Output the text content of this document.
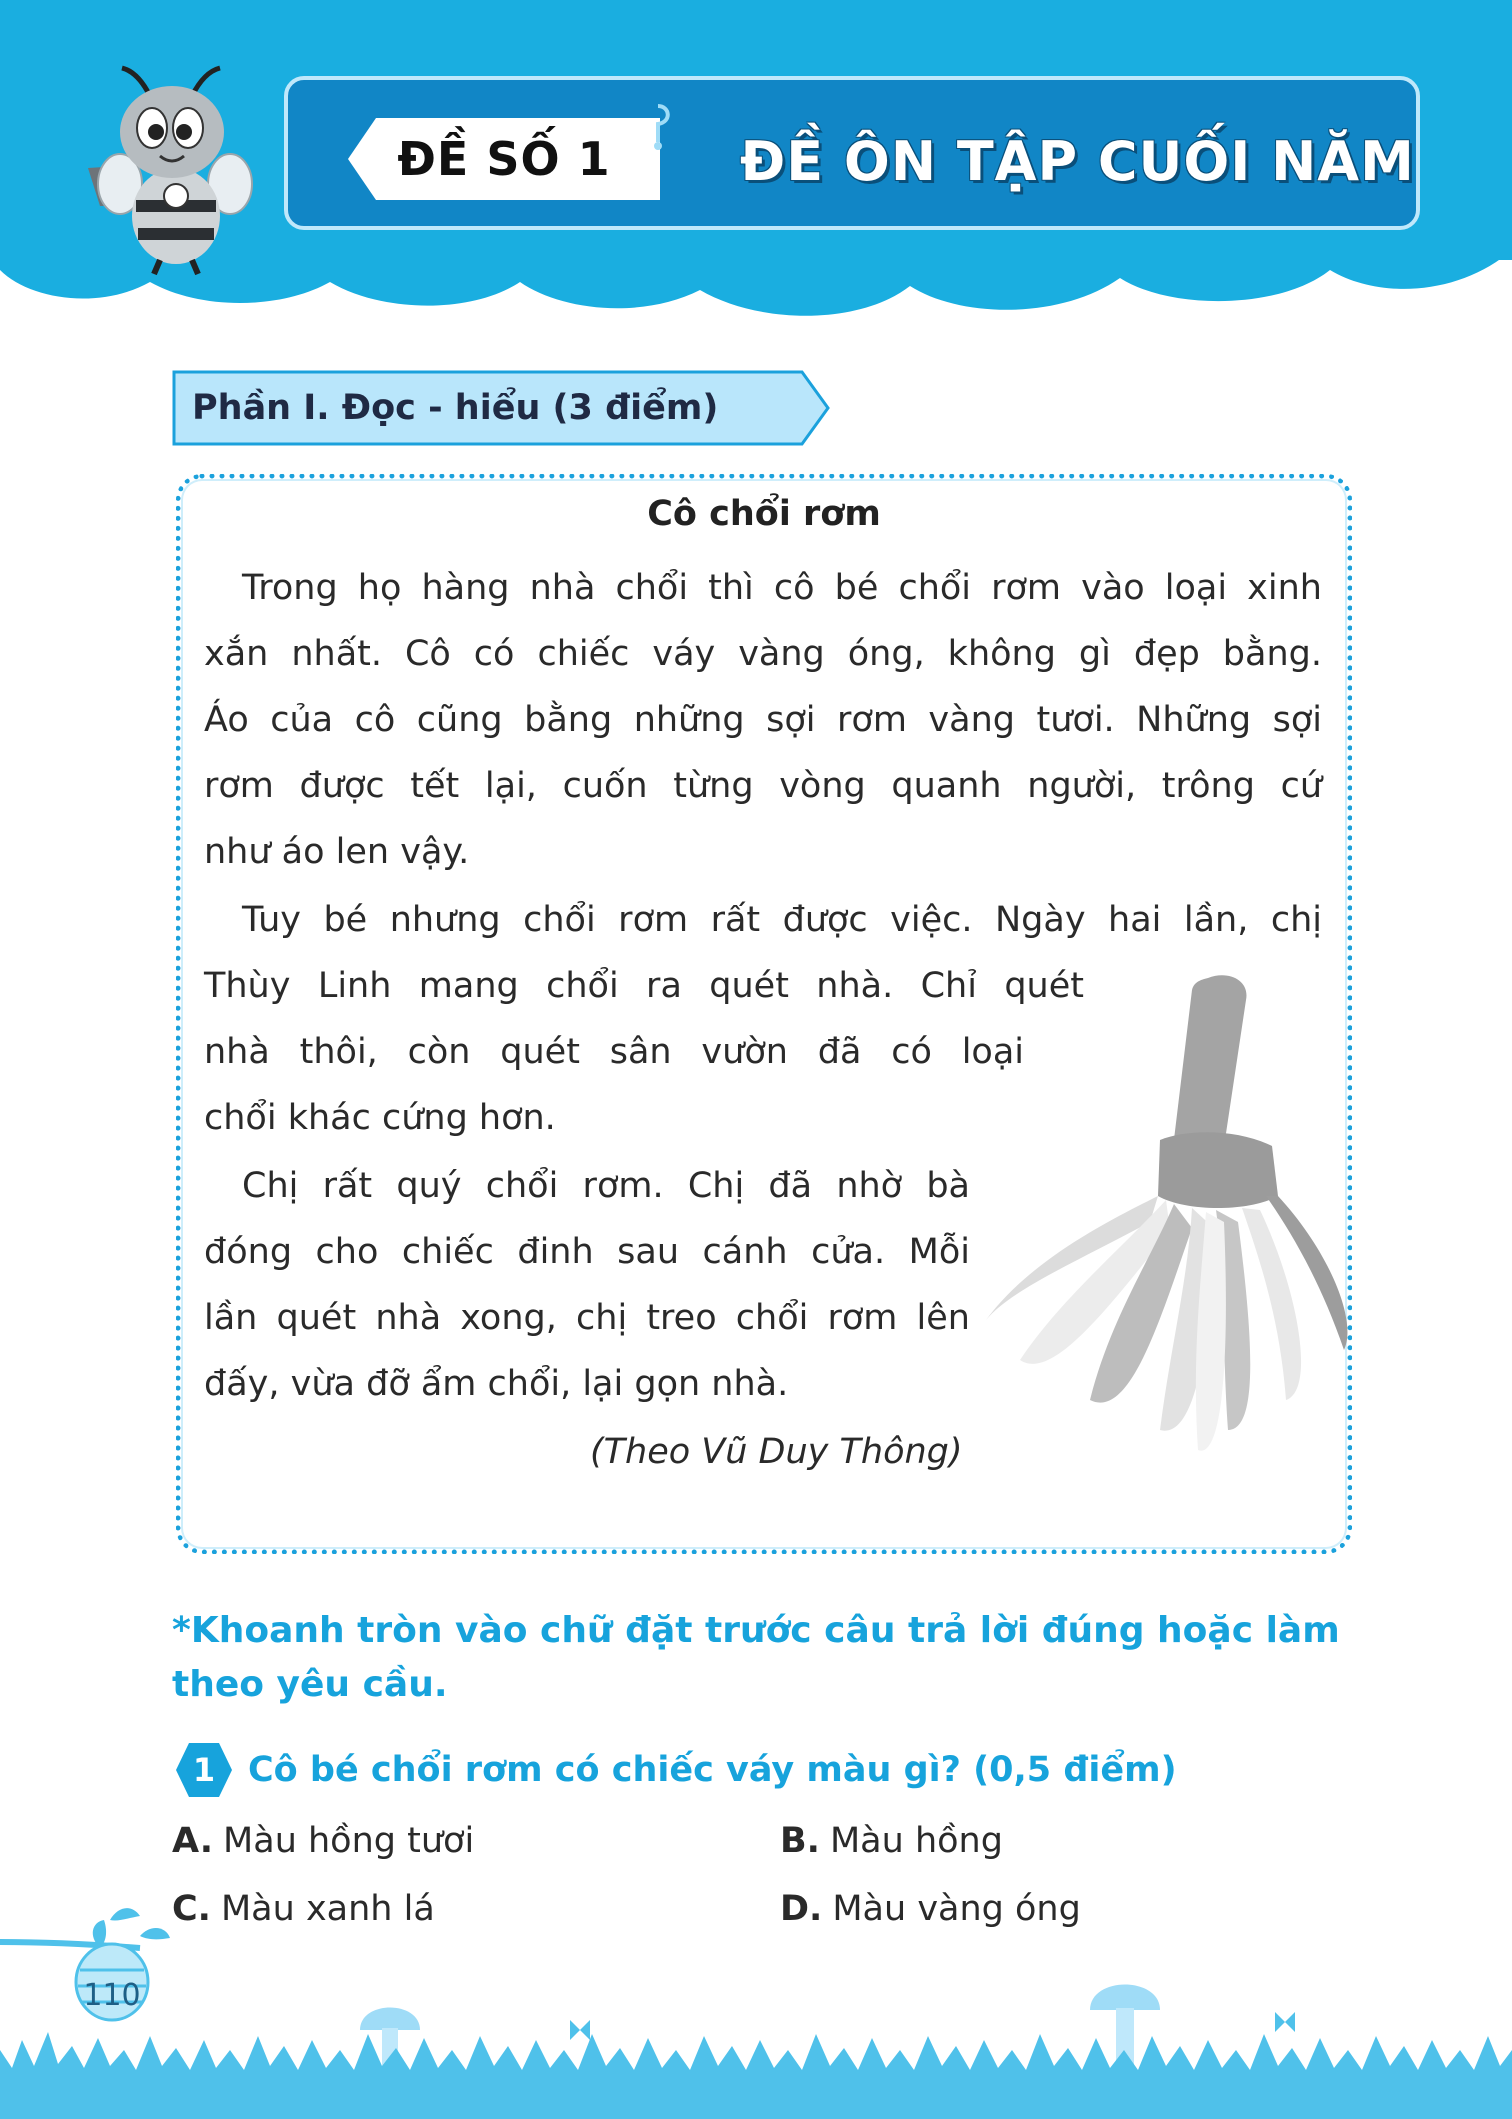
ĐỀ SỐ 1	ĐỀ ÔN TẬP CUỐI NĂM
Phần I. Đọc - hiểu (3 điểm)
Cô chổi rơm
Trong họ hàng nhà chổi thì cô bé chổi rơm vào loại xinh
xắn nhất. Cô có chiếc váy vàng óng, không gì đẹp bằng.
Áo của cô cũng bằng những sợi rơm vàng tươi. Những sợi
rơm được tết lại, cuốn từng vòng quanh người, trông cứ
như áo len vậy.
Tuy bé nhưng chổi rơm rất được việc. Ngày hai lần, chị
Thùy Linh mang chổi ra quét nhà. Chỉ quét
nhà thôi, còn quét sân vườn đã có loại
chổi khác cứng hơn.
Chị rất quý chổi rơm. Chị đã nhờ bà
đóng cho chiếc đinh sau cánh cửa. Mỗi
lần quét nhà xong, chị treo chổi rơm lên
đấy, vừa đỡ ẩm chổi, lại gọn nhà.
(Theo Vũ Duy Thông)
*Khoanh tròn vào chữ đặt trước câu trả lời đúng hoặc làm theo yêu cầu.
1 Cô bé chổi rơm có chiếc váy màu gì? (0,5 điểm)
A. Màu hồng tươi	B. Màu hồng
C. Màu xanh lá	D. Màu vàng óng
110
